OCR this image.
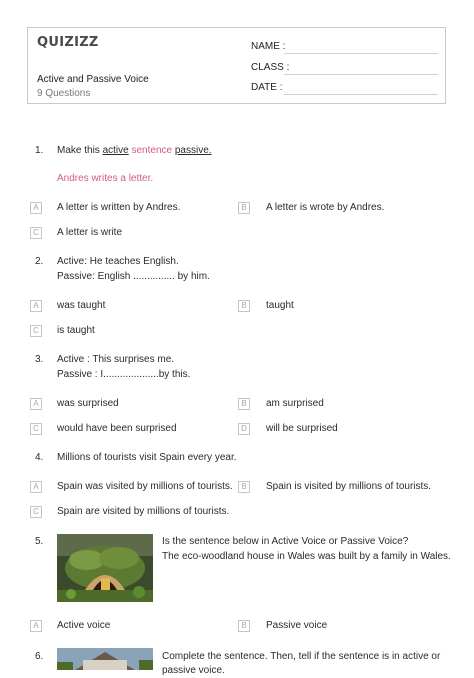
QUIZIZZ
Active and Passive Voice
9 Questions
NAME :
CLASS :
DATE :
1. Make this active sentence passive.
Andres writes a letter.
A	A letter is written by Andres.	B	A letter is wrote by Andres.
C	A letter is write
2. Active: He teaches English.
Passive: English ............... by him.
A	was taught	B	taught
C	is taught
3. Active : This surprises me.
Passive : I....................by this.
A	was surprised	B	am surprised
C	would have been surprised	D	will be surprised
4. Millions of tourists visit Spain every year.
A	Spain was visited by millions of tourists.	B	Spain is visited by millions of tourists.
C	Spain are visited by millions of tourists.
5.	Is the sentence below in Active Voice or Passive Voice?
The eco-woodland house in Wales was built by a family in Wales.
A	Active voice	B	Passive voice
6.	Complete the sentence. Then, tell if the sentence is in active or
passive voice.
